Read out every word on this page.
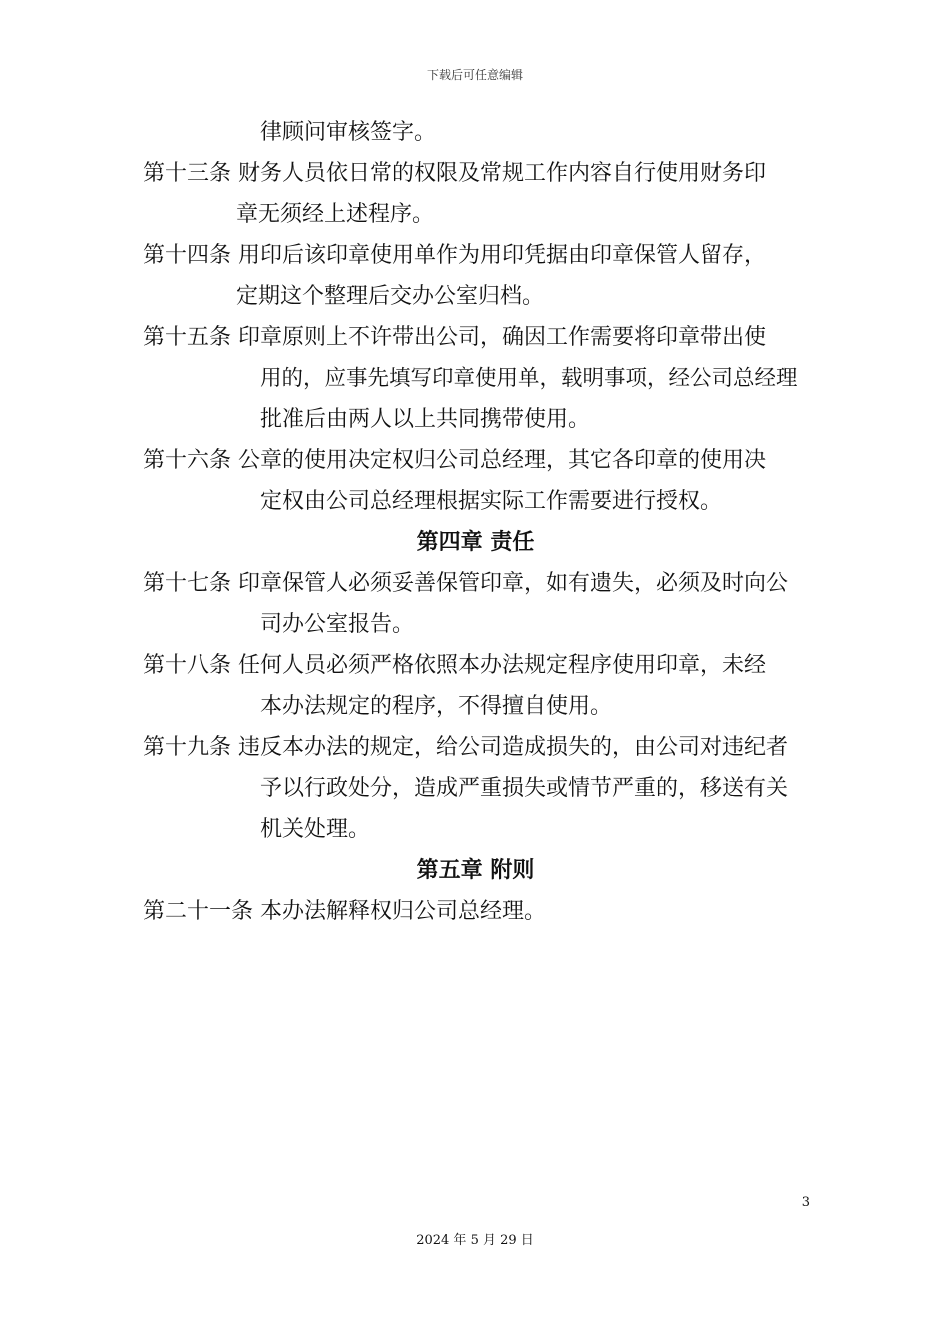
下载后可任意编辑
律顾问审核签字。
第十三条 财务人员依日常的权限及常规工作内容自行使用财务印
章无须经上述程序。
第十四条 用印后该印章使用单作为用印凭据由印章保管人留存，
定期这个整理后交办公室归档。
第十五条 印章原则上不许带出公司，确因工作需要将印章带出使
用的，应事先填写印章使用单，载明事项，经公司总经理
批准后由两人以上共同携带使用。
第十六条 公章的使用决定权归公司总经理，其它各印章的使用决
定权由公司总经理根据实际工作需要进行授权。
第四章 责任
第十七条 印章保管人必须妥善保管印章，如有遗失，必须及时向公
司办公室报告。
第十八条 任何人员必须严格依照本办法规定程序使用印章，未经
本办法规定的程序，不得擅自使用。
第十九条 违反本办法的规定，给公司造成损失的，由公司对违纪者
予以行政处分，造成严重损失或情节严重的，移送有关
机关处理。
第五章 附则
第二十一条 本办法解释权归公司总经理。
3
2024 年 5 月 29 日
